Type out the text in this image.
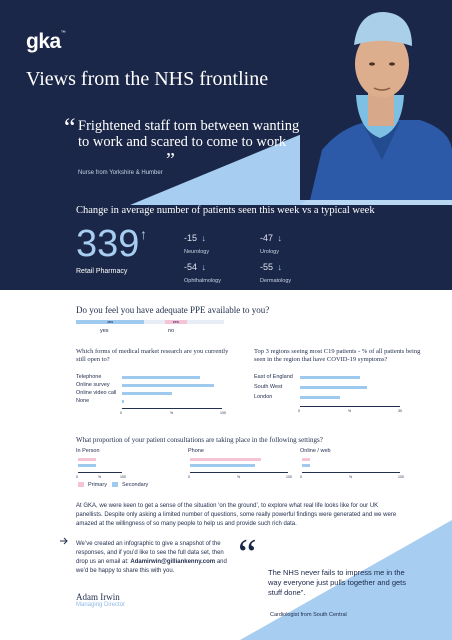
gka™
Views from the NHS frontline
“ Frightened staff torn between wanting to work and scared to come to work
”
Nurse from Yorkshire & Humber
Change in average number of patients seen this week vs a typical week
339 ↑
Retail Pharmacy
-15 ↓
Neurology
-47 ↓
Urology
-54 ↓
Ophthalmology
-55 ↓
Dermatology
Do you feel you have adequate PPE available to you?
46%	15%
yes	no
Which forms of medical market research are you currently still open to?
Top 3 regions seeing most C19 patients - % of all patients being seen in the region that have COVID-19 symptoms?
What proportion of your patient consultations are taking place in the following settings?
Primary	Secondary
At GKA, we were keen to get a sense of the situation ‘on the ground’, to explore what real life looks like for our UK panellists. Despite only asking a limited number of questions, some really powerful findings were generated and we were amazed at the willingness of so many people to help us and provide such rich data.
“ The NHS never fails to impress me in the way everyone just pulls together and gets stuff done”.
Cardiologist from South Central
We’ve created an infographic to give a snapshot of the responses, and if you’d like to see the full data set, then drop us an email at: Adamirwin@gilliankenny.com and we’d be happy to share this with you.
Adam Irwin
Managing Director
Telephone
Online survey
Online video call
None
0	%	100
East of England
South West
London
0	%	30
In Person
0	%	100
Phone
0	%	100
Online / web
0	%	100
